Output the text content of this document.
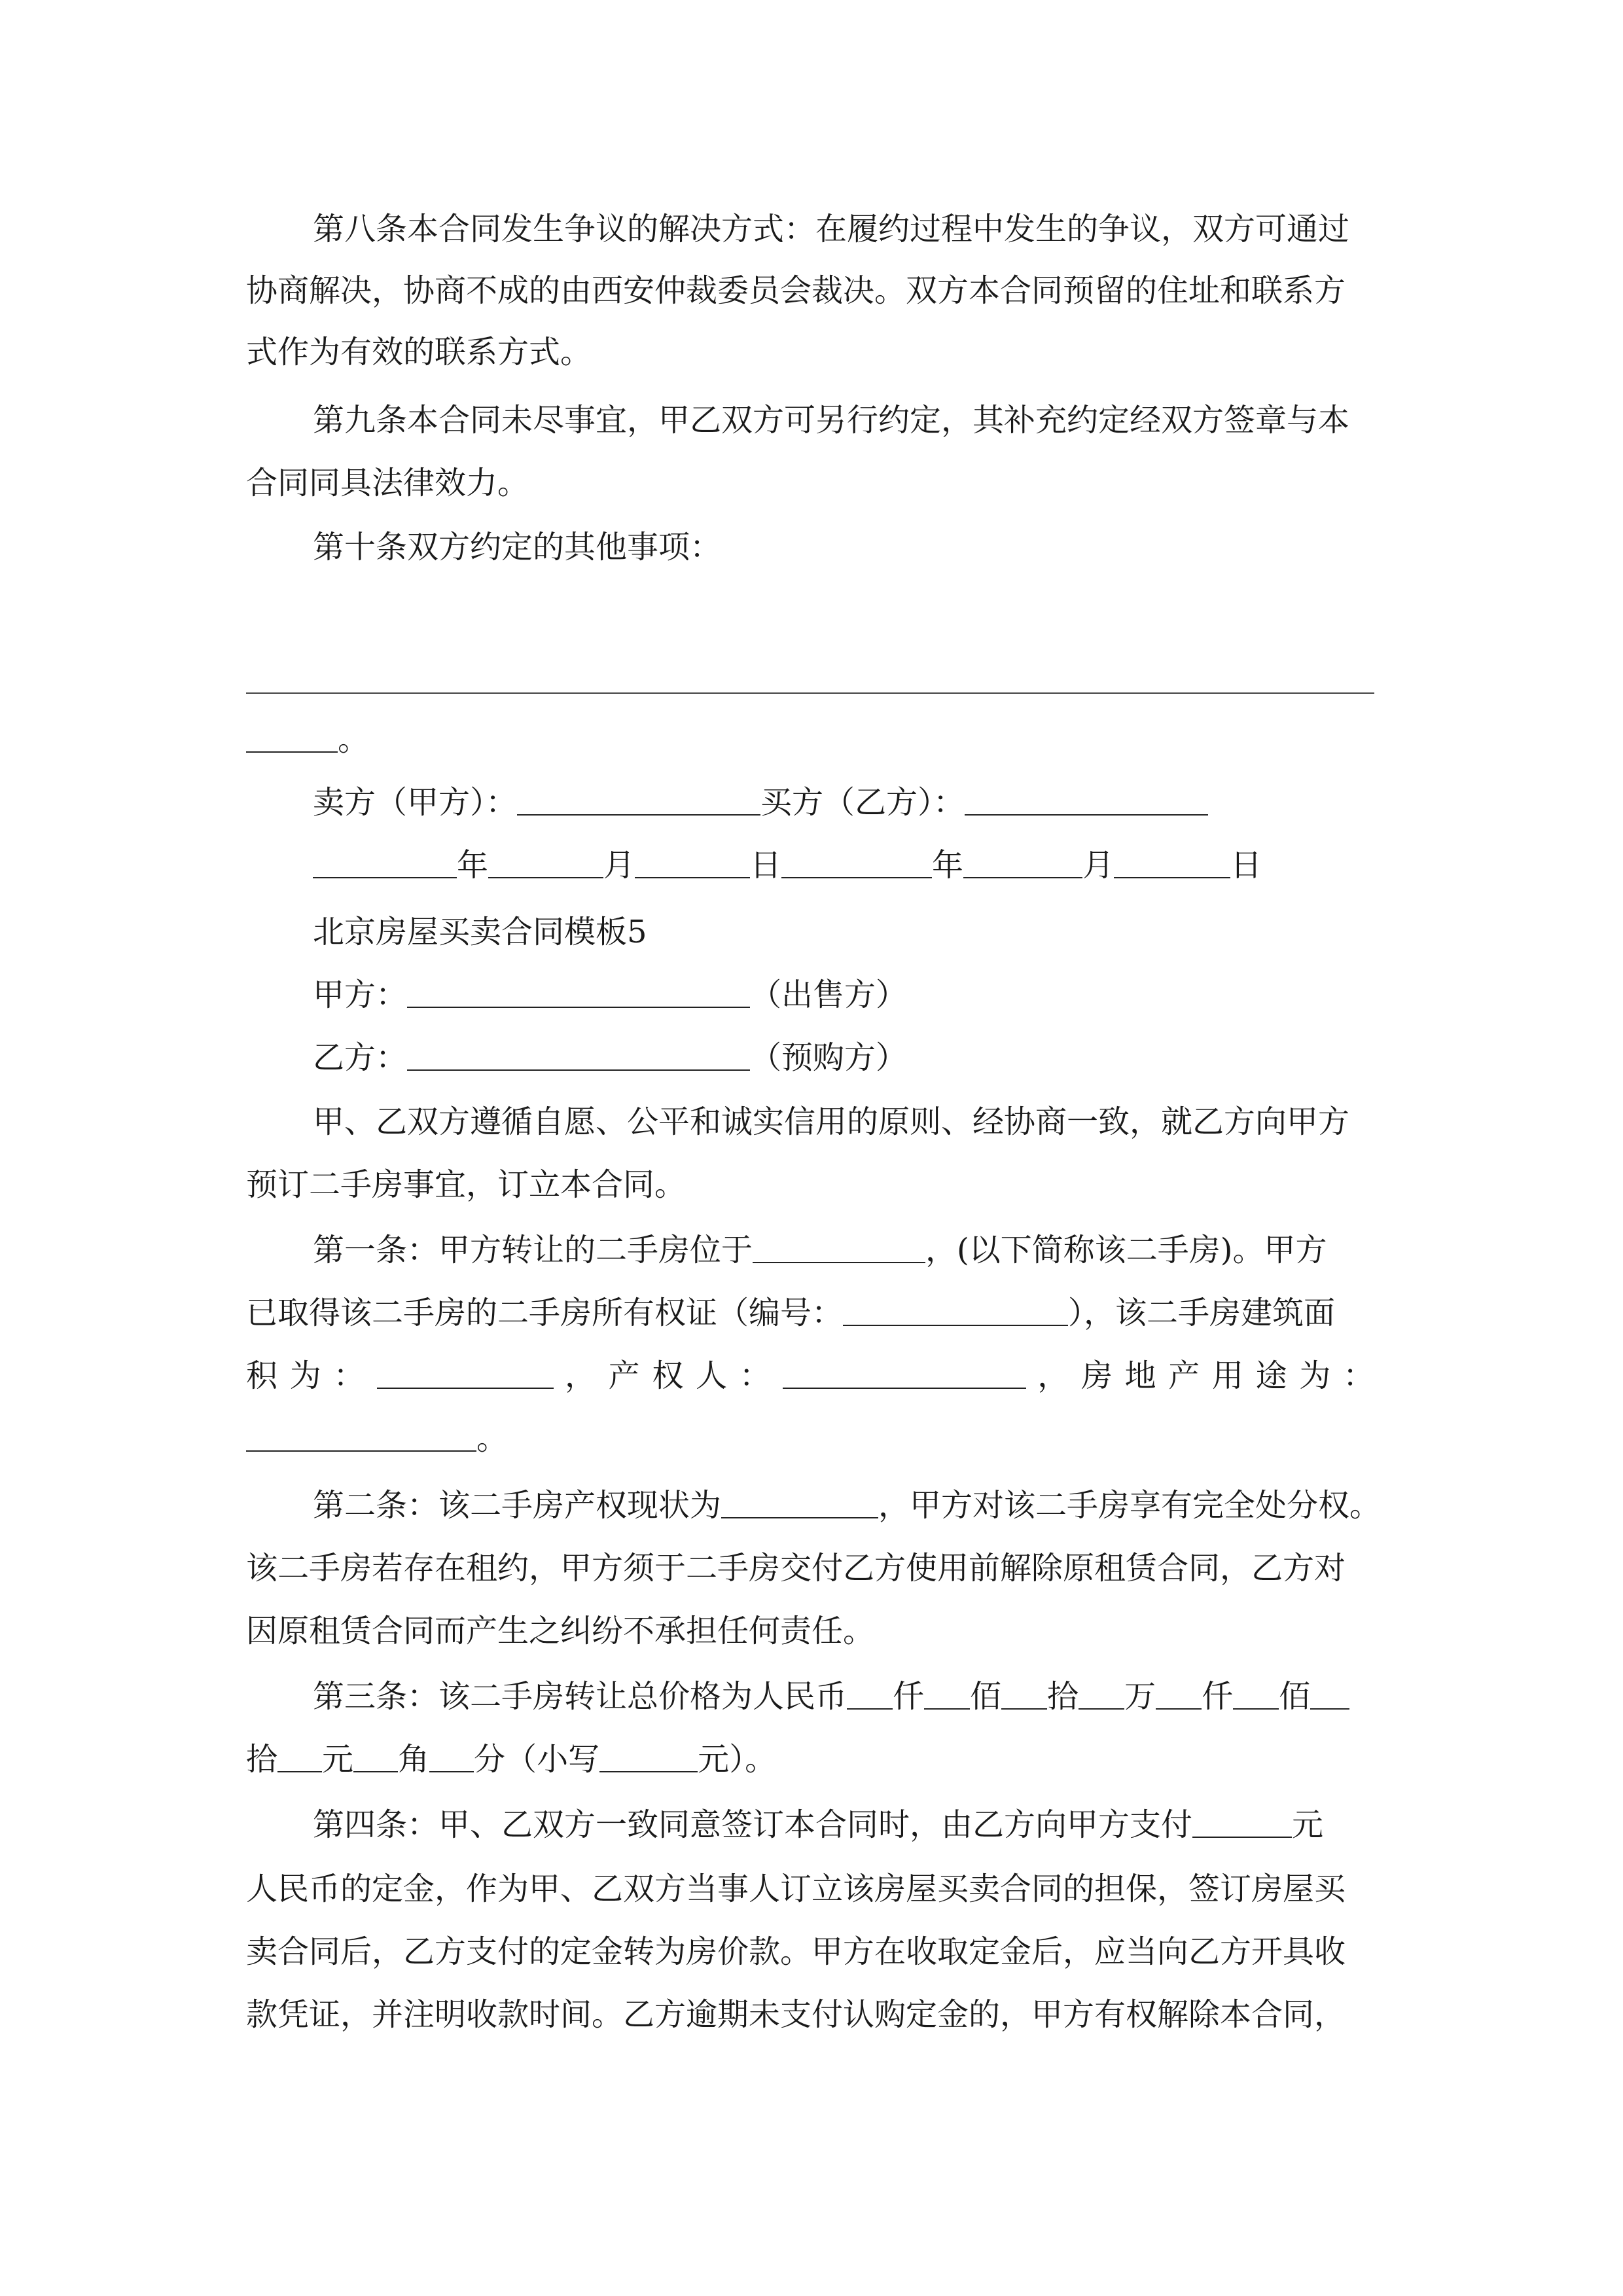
第八条本合同发生争议的解决方式：在履约过程中发生的争议，双方可通过
协商解决，协商不成的由西安仲裁委员会裁决。双方本合同预留的住址和联系方
式作为有效的联系方式。
第九条本合同未尽事宜，甲乙双方可另行约定，其补充约定经双方签章与本
合同同具法律效力。
第十条双方约定的其他事项：
。
卖方（甲方）：	买方（乙方）：
年	月	日	年	月	日
北京房屋买卖合同模板5
甲方：	（出售方）
乙方：	（预购方）
甲、乙双方遵循自愿、公平和诚实信用的原则、经协商一致，就乙方向甲方
预订二手房事宜，订立本合同。
第一条：甲方转让的二手房位于	，(以下简称该二手房)。甲方
已取得该二手房的二手房所有权证（编号：	），该二手房建筑面
积 为 ：	， 产 权 人 ：	， 房 地 产 用 途 为 ：
。
第二条：该二手房产权现状为	，甲方对该二手房享有完全处分权。
该二手房若存在租约，甲方须于二手房交付乙方使用前解除原租赁合同，乙方对
因原租赁合同而产生之纠纷不承担任何责任。
第三条：该二手房转让总价格为人民币 仟 佰 拾 万 仟 佰
拾 元 角 分（小写	元）。
第四条：甲、乙双方一致同意签订本合同时，由乙方向甲方支付	元
人民币的定金，作为甲、乙双方当事人订立该房屋买卖合同的担保，签订房屋买
卖合同后，乙方支付的定金转为房价款。甲方在收取定金后，应当向乙方开具收
款凭证，并注明收款时间。乙方逾期未支付认购定金的，甲方有权解除本合同，
